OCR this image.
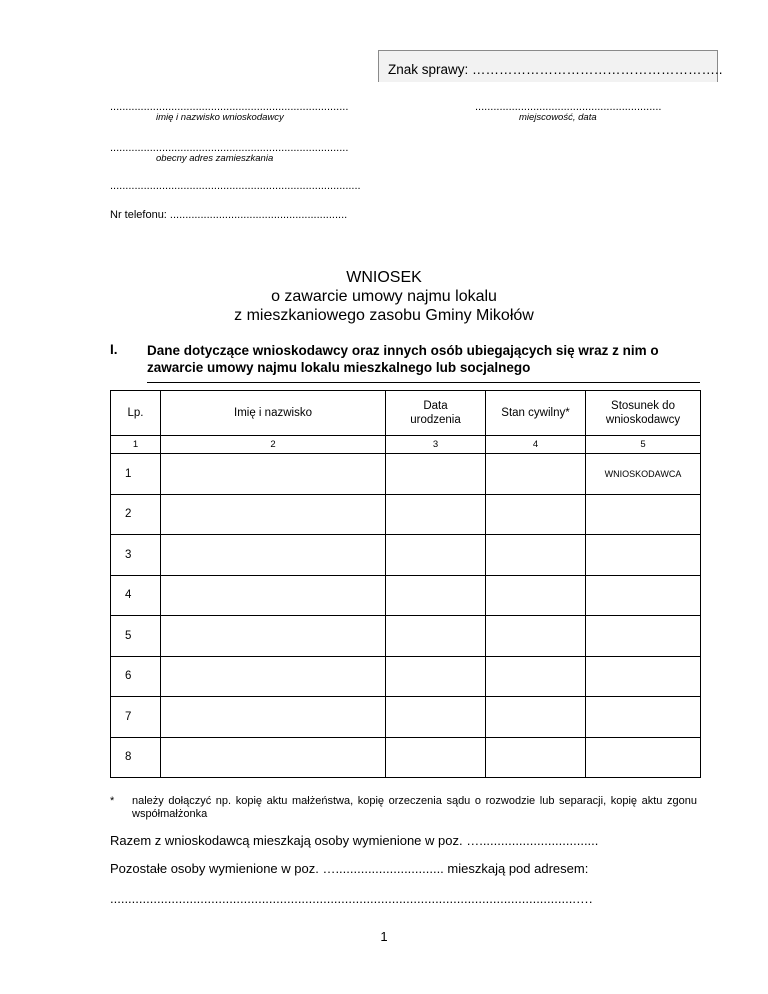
Znak sprawy: ………………………………………………..
..............................................................................
imię i nazwisko wnioskodawcy
.............................................................
miejscowość, data
..............................................................................
obecny adres zamieszkania
..................................................................................
Nr telefonu: ..........................................................
WNIOSEK
o zawarcie umowy najmu lokalu
z mieszkaniowego zasobu Gminy Mikołów
I. Dane dotyczące wnioskodawcy oraz innych osób ubiegających się wraz z nim o zawarcie umowy najmu lokalu mieszkalnego lub socjalnego
Lp.	Imię i nazwisko	Data urodzenia	Stan cywilny*	Stosunek do wnioskodawcy
1	2	3	4	5
1				WNIOSKODAWCA
2				
3				
4				
5				
6				
7				
8				
* należy dołączyć np. kopię aktu małżeństwa, kopię orzeczenia sądu o rozwodzie lub separacji, kopię aktu zgonu współmałżonka
Razem z wnioskodawcą mieszkają osoby wymienione w poz. ….................................
Pozostałe osoby wymienione w poz. ….............................. mieszkają pod adresem:
.................................................................................................................................….
1
